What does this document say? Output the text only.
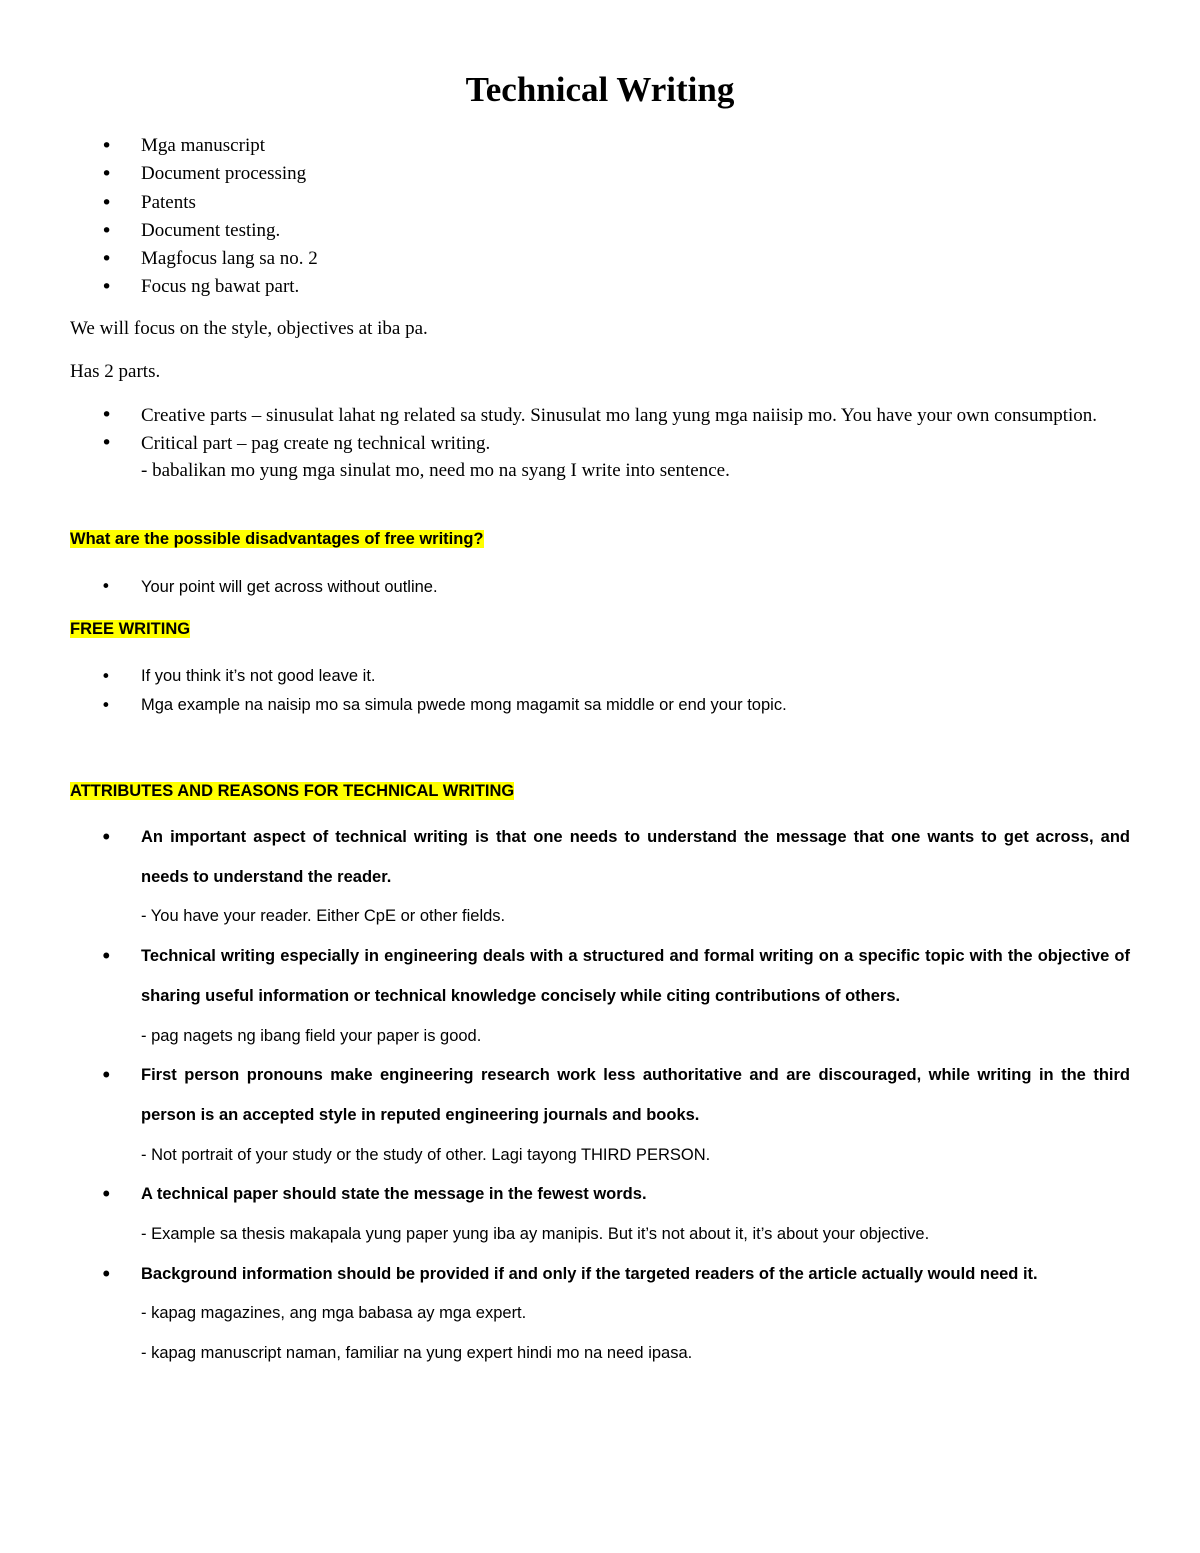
Technical Writing
• Mga manuscript
• Document processing
• Patents
• Document testing.
• Magfocus lang sa no. 2
• Focus ng bawat part.

We will focus on the style, objectives at iba pa.

Has 2 parts.

• Creative parts – sinusulat lahat ng related sa study. Sinusulat mo lang yung mga naiisip mo. You have your own consumption.
• Critical part – pag create ng technical writing.
- babalikan mo yung mga sinulat mo, need mo na syang I write into sentence.

What are the possible disadvantages of free writing?

• Your point will get across without outline.

FREE WRITING

• If you think it’s not good leave it.
• Mga example na naisip mo sa simula pwede mong magamit sa middle or end your topic.

ATTRIBUTES AND REASONS FOR TECHNICAL WRITING

• An important aspect of technical writing is that one needs to understand the message that one wants to get across, and needs to understand the reader.
- You have your reader. Either CpE or other fields.
• Technical writing especially in engineering deals with a structured and formal writing on a specific topic with the objective of sharing useful information or technical knowledge concisely while citing contributions of others.
- pag nagets ng ibang field your paper is good.
• First person pronouns make engineering research work less authoritative and are discouraged, while writing in the third person is an accepted style in reputed engineering journals and books.
- Not portrait of your study or the study of other. Lagi tayong THIRD PERSON.
• A technical paper should state the message in the fewest words.
- Example sa thesis makapala yung paper yung iba ay manipis. But it’s not about it, it’s about your objective.
• Background information should be provided if and only if the targeted readers of the article actually would need it.
- kapag magazines, ang mga babasa ay mga expert.
- kapag manuscript naman, familiar na yung expert hindi mo na need ipasa.
